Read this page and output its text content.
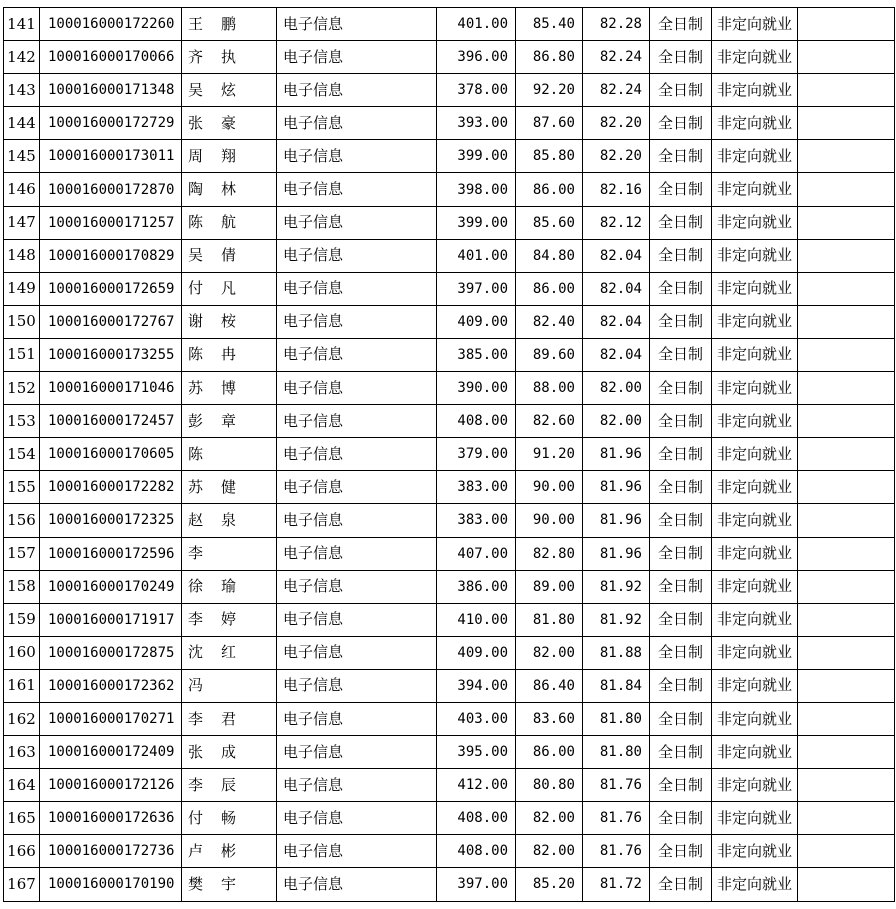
141	100016000172260	王 鹏	电子信息	401.00	85.40	82.28	全日制	非定向就业	
142	100016000170066	齐 执	电子信息	396.00	86.80	82.24	全日制	非定向就业	
143	100016000171348	吴 炫	电子信息	378.00	92.20	82.24	全日制	非定向就业	
144	100016000172729	张 豪	电子信息	393.00	87.60	82.20	全日制	非定向就业	
145	100016000173011	周 翔	电子信息	399.00	85.80	82.20	全日制	非定向就业	
146	100016000172870	陶 林	电子信息	398.00	86.00	82.16	全日制	非定向就业	
147	100016000171257	陈 航	电子信息	399.00	85.60	82.12	全日制	非定向就业	
148	100016000170829	吴 倩	电子信息	401.00	84.80	82.04	全日制	非定向就业	
149	100016000172659	付 凡	电子信息	397.00	86.00	82.04	全日制	非定向就业	
150	100016000172767	谢 桉	电子信息	409.00	82.40	82.04	全日制	非定向就业	
151	100016000173255	陈 冉	电子信息	385.00	89.60	82.04	全日制	非定向就业	
152	100016000171046	苏 博	电子信息	390.00	88.00	82.00	全日制	非定向就业	
153	100016000172457	彭 章	电子信息	408.00	82.60	82.00	全日制	非定向就业	
154	100016000170605	陈	电子信息	379.00	91.20	81.96	全日制	非定向就业	
155	100016000172282	苏 健	电子信息	383.00	90.00	81.96	全日制	非定向就业	
156	100016000172325	赵 泉	电子信息	383.00	90.00	81.96	全日制	非定向就业	
157	100016000172596	李	电子信息	407.00	82.80	81.96	全日制	非定向就业	
158	100016000170249	徐 瑜	电子信息	386.00	89.00	81.92	全日制	非定向就业	
159	100016000171917	李 婷	电子信息	410.00	81.80	81.92	全日制	非定向就业	
160	100016000172875	沈 红	电子信息	409.00	82.00	81.88	全日制	非定向就业	
161	100016000172362	冯	电子信息	394.00	86.40	81.84	全日制	非定向就业	
162	100016000170271	李 君	电子信息	403.00	83.60	81.80	全日制	非定向就业	
163	100016000172409	张 成	电子信息	395.00	86.00	81.80	全日制	非定向就业	
164	100016000172126	李 辰	电子信息	412.00	80.80	81.76	全日制	非定向就业	
165	100016000172636	付 畅	电子信息	408.00	82.00	81.76	全日制	非定向就业	
166	100016000172736	卢 彬	电子信息	408.00	82.00	81.76	全日制	非定向就业	
167	100016000170190	樊 宇	电子信息	397.00	85.20	81.72	全日制	非定向就业	
